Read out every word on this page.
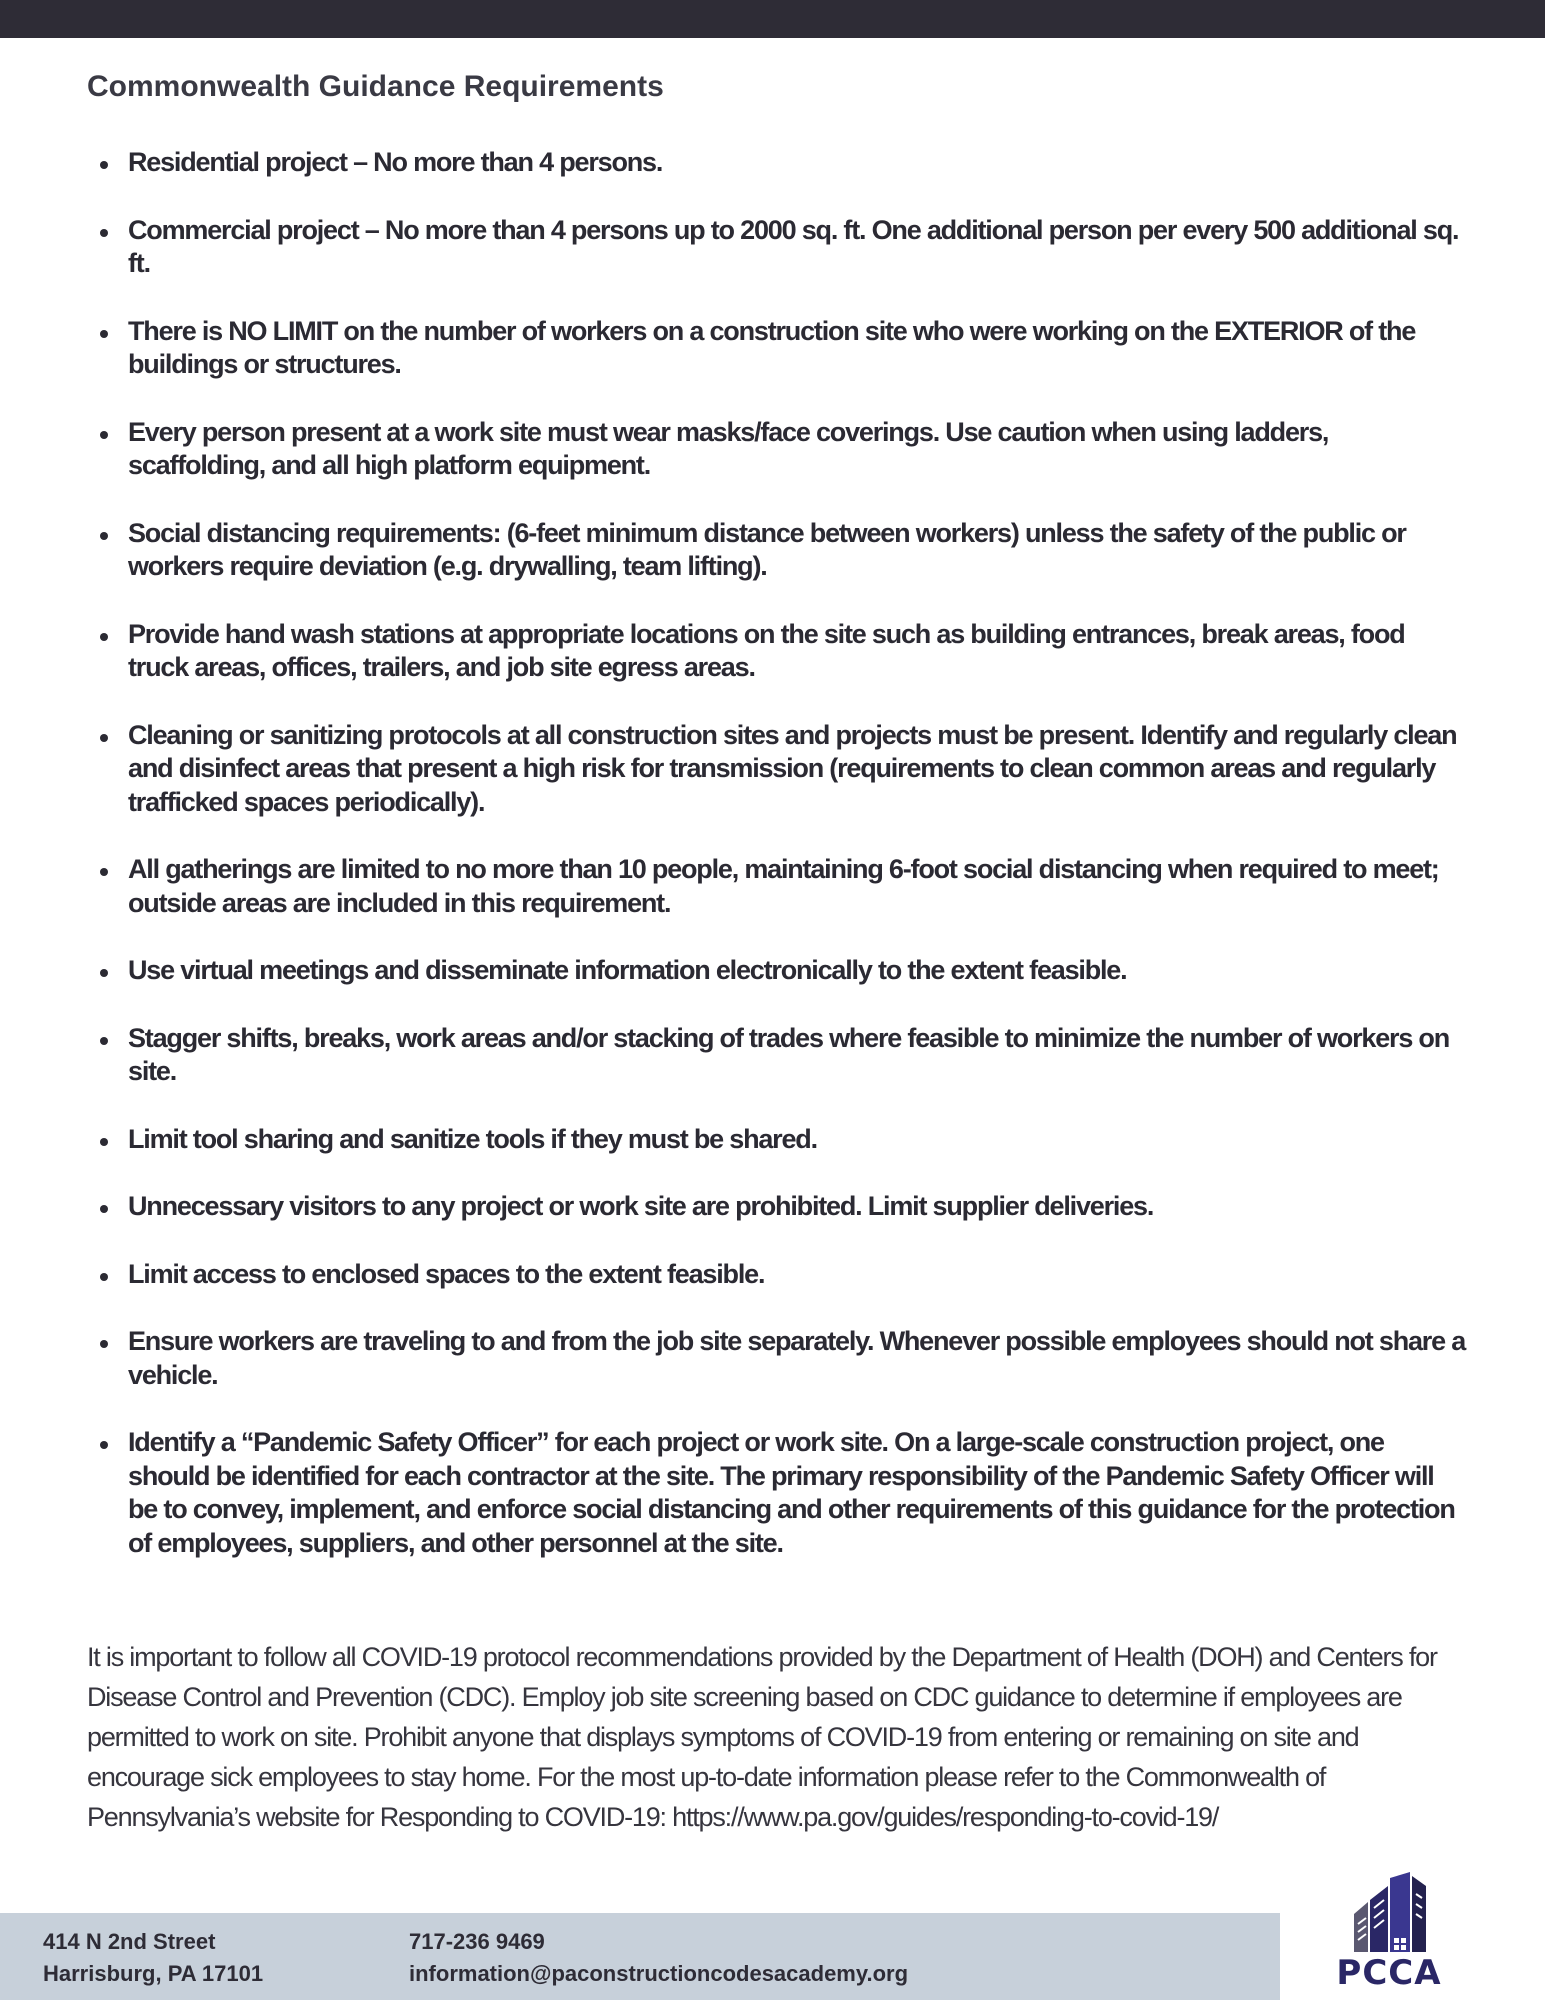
Commonwealth Guidance Requirements
Residential project – No more than 4 persons.
Commercial project – No more than 4 persons up to 2000 sq. ft. One additional person per every 500 additional sq. ft.
There is NO LIMIT on the number of workers on a construction site who were working on the EXTERIOR of the buildings or structures.
Every person present at a work site must wear masks/face coverings. Use caution when using ladders, scaffolding, and all high platform equipment.
Social distancing requirements: (6-feet minimum distance between workers) unless the safety of the public or workers require deviation (e.g. drywalling, team lifting).
Provide hand wash stations at appropriate locations on the site such as building entrances, break areas, food truck areas, offices, trailers, and job site egress areas.
Cleaning or sanitizing protocols at all construction sites and projects must be present. Identify and regularly clean and disinfect areas that present a high risk for transmission (requirements to clean common areas and regularly trafficked spaces periodically).
All gatherings are limited to no more than 10 people, maintaining 6-foot social distancing when required to meet; outside areas are included in this requirement.
Use virtual meetings and disseminate information electronically to the extent feasible.
Stagger shifts, breaks, work areas and/or stacking of trades where feasible to minimize the number of workers on site.
Limit tool sharing and sanitize tools if they must be shared.
Unnecessary visitors to any project or work site are prohibited. Limit supplier deliveries.
Limit access to enclosed spaces to the extent feasible.
Ensure workers are traveling to and from the job site separately. Whenever possible employees should not share a vehicle.
Identify a “Pandemic Safety Officer” for each project or work site. On a large-scale construction project, one should be identified for each contractor at the site. The primary responsibility of the Pandemic Safety Officer will be to convey, implement, and enforce social distancing and other requirements of this guidance for the protection of employees, suppliers, and other personnel at the site.

It is important to follow all COVID-19 protocol recommendations provided by the Department of Health (DOH) and Centers for Disease Control and Prevention (CDC). Employ job site screening based on CDC guidance to determine if employees are permitted to work on site. Prohibit anyone that displays symptoms of COVID-19 from entering or remaining on site and encourage sick employees to stay home. For the most up-to-date information please refer to the Commonwealth of Pennsylvania’s website for Responding to COVID-19: https://www.pa.gov/guides/responding-to-covid-19/

414 N 2nd Street
Harrisburg, PA 17101
717-236 9469
information@paconstructioncodesacademy.org	PCCA
